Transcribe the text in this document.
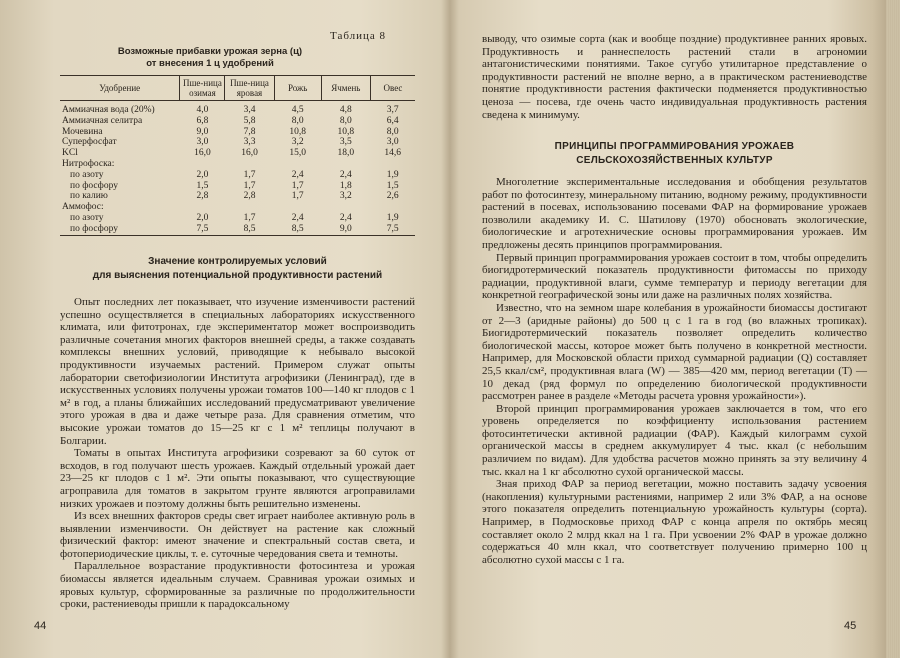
Таблица 8
Возможные прибавки урожая зерна (ц)
от внесения 1 ц удобрений
Удобрение	Пше-ница озимая	Пше-ница яровая	Рожь	Ячмень	Овес
Аммиачная вода (20%)	4,0	3,4	4,5	4,8	3,7
Аммиачная селитра	6,8	5,8	8,0	8,0	6,4
Мочевина	9,0	7,8	10,8	10,8	8,0
Суперфосфат	3,0	3,3	3,2	3,5	3,0
KCl	16,0	16,0	15,0	18,0	14,6
Нитрофоска:					
по азоту	2,0	1,7	2,4	2,4	1,9
по фосфору	1,5	1,7	1,7	1,8	1,5
по калию	2,8	2,8	1,7	3,2	2,6
Аммофос:					
по азоту	2,0	1,7	2,4	2,4	1,9
по фосфору	7,5	8,5	8,5	9,0	7,5
Значение контролируемых условий
для выяснения потенциальной продуктивности растений

Опыт последних лет показывает, что изучение изменчивости растений успешно осуществляется в специальных лабораториях искусственного климата, или фитотронах, где экспериментатор может воспроизводить различные сочетания многих факторов внешней среды, а также создавать комплексы внешних условий, приводящие к небывало высокой продуктивности изучаемых растений. Примером служат опыты лаборатории светофизиологии Института агрофизики (Ленинград), где в искусственных условиях получены урожаи томатов 100—140 кг плодов с 1 м² в год, а планы ближайших исследований предусматривают увеличение этого урожая в два и даже четыре раза. Для сравнения отметим, что высокие урожаи томатов до 15—25 кг с 1 м² теплицы получают в Болгарии.

Томаты в опытах Института агрофизики созревают за 60 суток от всходов, в год получают шесть урожаев. Каждый отдельный урожай дает 23—25 кг плодов с 1 м². Эти опыты показывают, что существующие агроправила для томатов в закрытом грунте являются агроправилами низких урожаев и поэтому должны быть решительно изменены.

Из всех внешних факторов среды свет играет наиболее активную роль в выявлении изменчивости. Он действует на растение как сложный физический фактор: имеют значение и спектральный состав света, и фотопериодические циклы, т. е. суточные чередования света и темноты.

Параллельное возрастание продуктивности фотосинтеза и урожая биомассы является идеальным случаем. Сравнивая урожаи озимых и яровых культур, сформированные за различные по продолжительности сроки, растениеводы пришли к парадоксальному

44

выводу, что озимые сорта (как и вообще поздние) продуктивнее ранних яровых. Продуктивность и раннеспелость растений стали в агрономии антагонистическими понятиями. Такое сугубо утилитарное представление о продуктивности растений не вполне верно, а в практическом растениеводстве понятие продуктивности растения фактически подменяется продуктивностью ценоза — посева, где очень часто индивидуальная продуктивность растения сведена к минимуму.

ПРИНЦИПЫ ПРОГРАММИРОВАНИЯ УРОЖАЕВ
СЕЛЬСКОХОЗЯЙСТВЕННЫХ КУЛЬТУР

Многолетние экспериментальные исследования и обобщения результатов работ по фотосинтезу, минеральному питанию, водному режиму, продуктивности растений в посевах, использованию посевами ФАР на формирование урожаев позволили академику И. С. Шатилову (1970) обосновать экологические, биологические и агротехнические основы программирования урожаев. Им предложены десять принципов программирования.

Первый принцип программирования урожаев состоит в том, чтобы определить биогидротермический показатель продуктивности фитомассы по приходу радиации, продуктивной влаги, сумме температур и периоду вегетации для конкретной географической зоны или даже на различных полях хозяйства.

Известно, что на земном шаре колебания в урожайности биомассы достигают от 2—3 (аридные районы) до 500 ц с 1 га в год (во влажных тропиках). Биогидротермический показатель позволяет определить количество биологической массы, которое может быть получено в конкретной местности. Например, для Московской области приход суммарной радиации (Q) составляет 25,5 ккал/см², продуктивная влага (W) — 385—420 мм, период вегетации (T) — 10 декад (ряд формул по определению биологической продуктивности рассмотрен ранее в разделе «Методы расчета уровня урожайности»).

Второй принцип программирования урожаев заключается в том, что его уровень определяется по коэффициенту использования растением фотосинтетически активной радиации (ФАР). Каждый килограмм сухой органической массы в среднем аккумулирует 4 тыс. ккал (с небольшим различием по видам). Для удобства расчетов можно принять за эту величину 4 тыс. ккал на 1 кг абсолютно сухой органической массы.

Зная приход ФАР за период вегетации, можно поставить задачу усвоения (накопления) культурными растениями, например 2 или 3% ФАР, а на основе этого показателя определить потенциальную урожайность культуры (сорта). Например, в Подмосковье приход ФАР с конца апреля по октябрь месяц составляет около 2 млрд ккал на 1 га. При усвоении 2% ФАР в урожае должно содержаться 40 млн ккал, что соответствует получению примерно 100 ц абсолютно сухой массы с 1 га.

45
